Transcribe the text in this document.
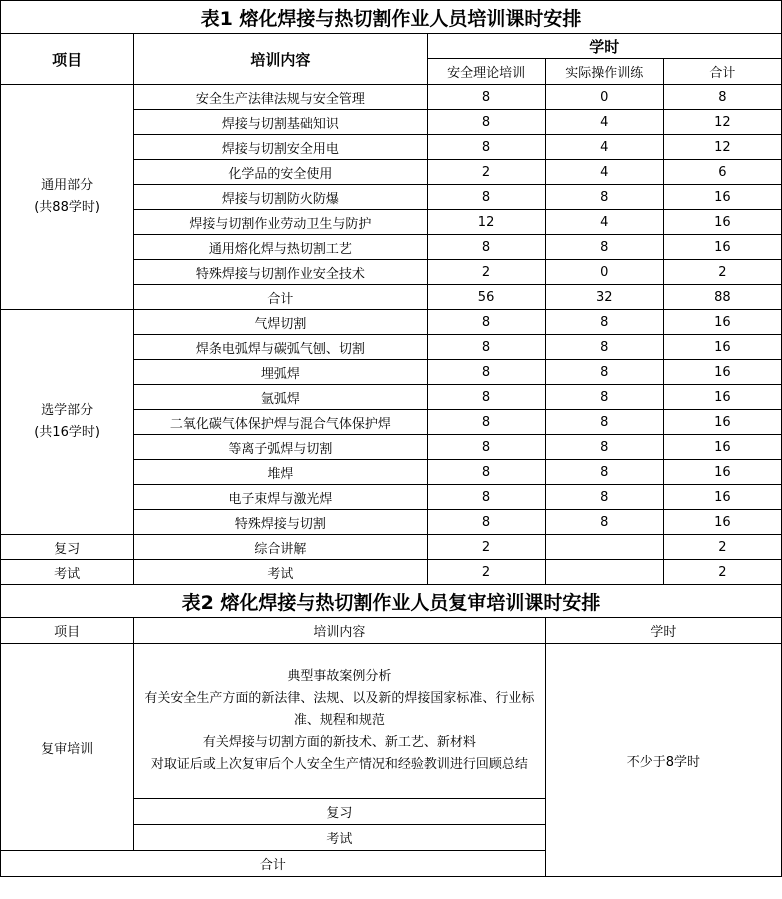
表1 熔化焊接与热切割作业人员培训课时安排				
项目	培训内容	学时		
		安全理论培训	实际操作训练	合计

通用部分
(共88学时)	安全生产法律法规与安全管理	8	0	8
	焊接与切割基础知识	8	4	12
	焊接与切割安全用电	8	4	12
	化学品的安全使用	2	4	6
	焊接与切割防火防爆	8	8	16
	焊接与切割作业劳动卫生与防护	12	4	16
	通用熔化焊与热切割工艺	8	8	16
	特殊焊接与切割作业安全技术	2	0	2
	合计	56	32	88

选学部分
(共16学时)	气焊切割	8	8	16
	焊条电弧焊与碳弧气刨、切割	8	8	16
	埋弧焊	8	8	16
	氩弧焊	8	8	16
	二氧化碳气体保护焊与混合气体保护焊	8	8	16
	等离子弧焊与切割	8	8	16
	堆焊	8	8	16
	电子束焊与激光焊	8	8	16
	特殊焊接与切割	8	8	16
复习	综合讲解	2		2
考试	考试	2		2
表2 熔化焊接与热切割作业人员复审培训课时安排		
项目	培训内容	学时
复审培训	典型事故案例分析
有关安全生产方面的新法律、法规、以及新的焊接国家标准、行业标准、规程和规范
有关焊接与切割方面的新技术、新工艺、新材料
对取证后或上次复审后个人安全生产情况和经验教训进行回顾总结	不少于8学时
	复习	
	考试	
合计		
